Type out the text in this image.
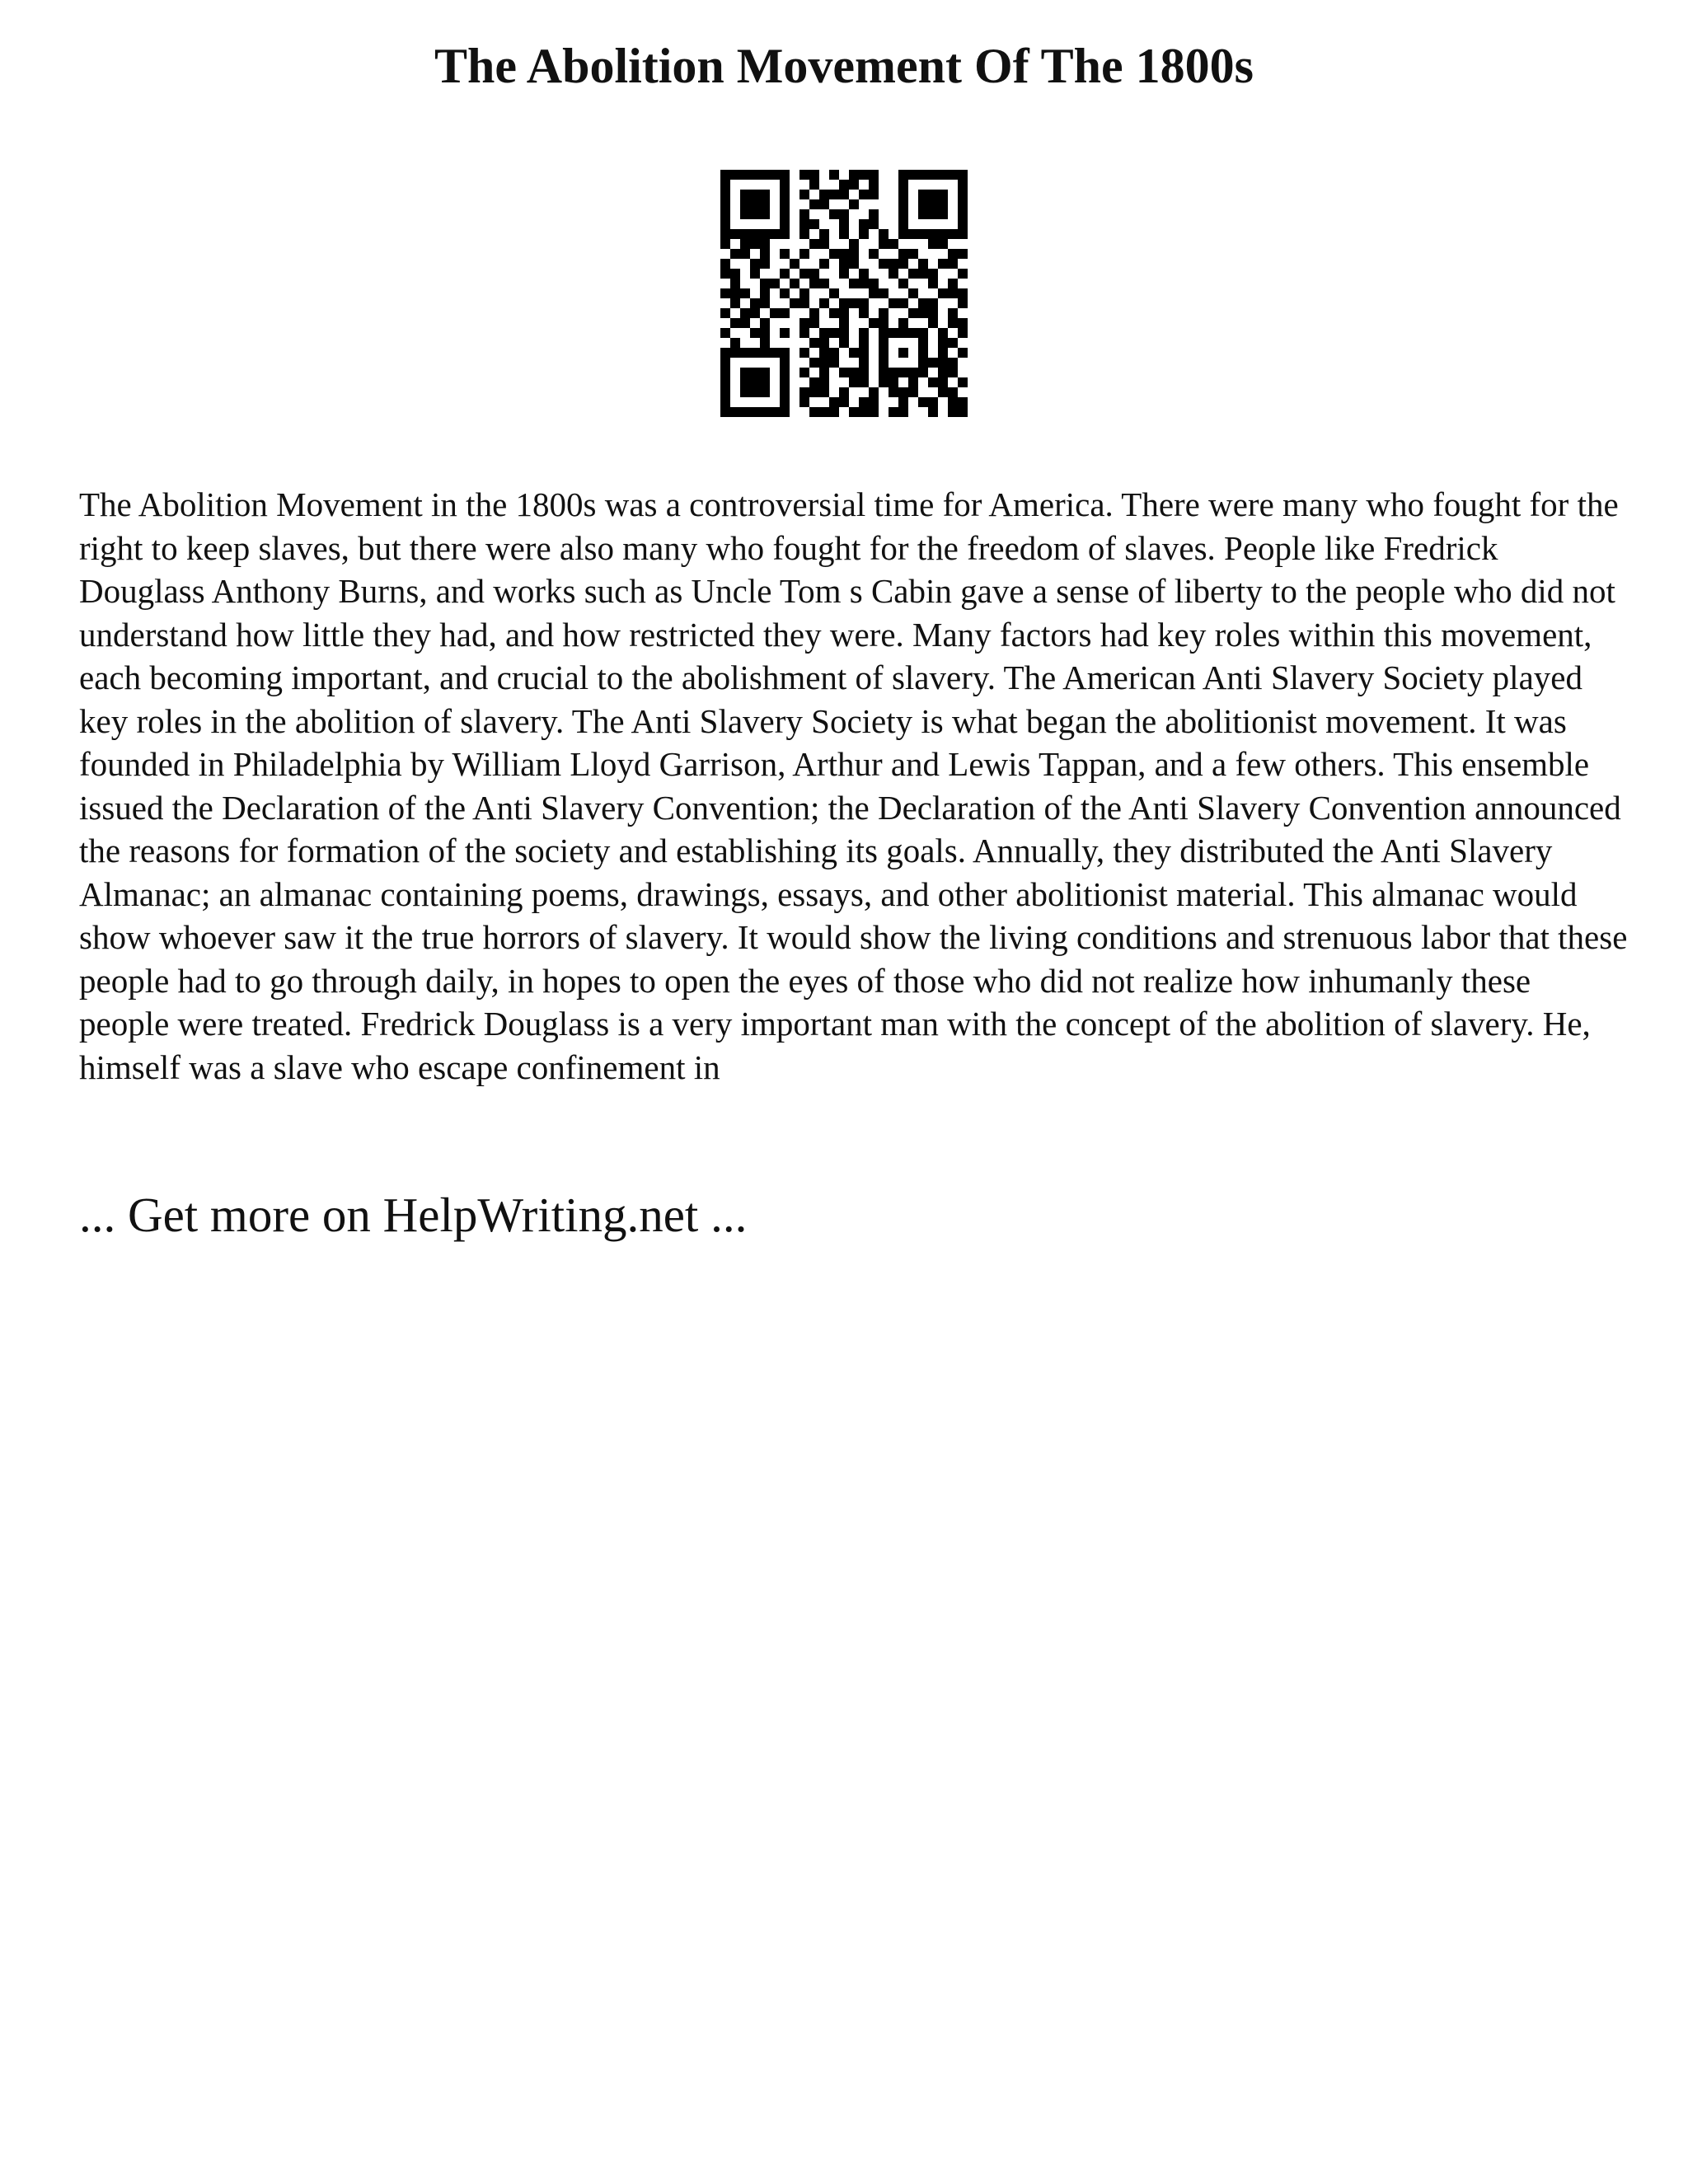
The Abolition Movement Of The 1800s

The Abolition Movement in the 1800s was a controversial time for America. There were many who fought for the right to keep slaves, but there were also many who fought for the freedom of slaves. People like Fredrick Douglass Anthony Burns, and works such as Uncle Tom s Cabin gave a sense of liberty to the people who did not understand how little they had, and how restricted they were. Many factors had key roles within this movement, each becoming important, and crucial to the abolishment of slavery. The American Anti Slavery Society played key roles in the abolition of slavery. The Anti Slavery Society is what began the abolitionist movement. It was founded in Philadelphia by William Lloyd Garrison, Arthur and Lewis Tappan, and a few others. This ensemble issued the Declaration of the Anti Slavery Convention; the Declaration of the Anti Slavery Convention announced the reasons for formation of the society and establishing its goals. Annually, they distributed the Anti Slavery Almanac; an almanac containing poems, drawings, essays, and other abolitionist material. This almanac would show whoever saw it the true horrors of slavery. It would show the living conditions and strenuous labor that these people had to go through daily, in hopes to open the eyes of those who did not realize how inhumanly these people were treated. Fredrick Douglass is a very important man with the concept of the abolition of slavery. He, himself was a slave who escape confinement in

... Get more on HelpWriting.net ...
